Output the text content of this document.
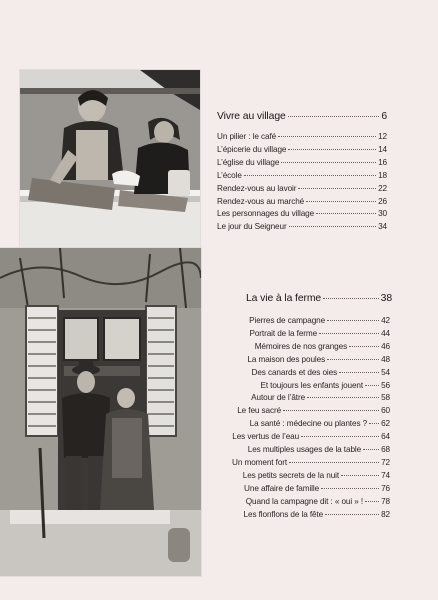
Vivre au village	6
Un pilier : le café	12
L’épicerie du village	14
L’église du village	16
L’école	18
Rendez-vous au lavoir	22
Rendez-vous au marché	26
Les personnages du village	30
Le jour du Seigneur	34
La vie à la ferme	38
Pierres de campagne	42
Portrait de la ferme	44
Mémoires de nos granges	46
La maison des poules	48
Des canards et des oies	54
Et toujours les enfants jouent 56
Autour de l’âtre	58
Le feu sacré	60
La santé : médecine ou plantes ? 62
Les vertus de l’eau	64
Les multiples usages de la table 68
Un moment fort	72
Les petits secrets de la nuit	74
Une affaire de famille	76
Quand la campagne dit : « oui » ! 78
Les flonflons de la fête	82
